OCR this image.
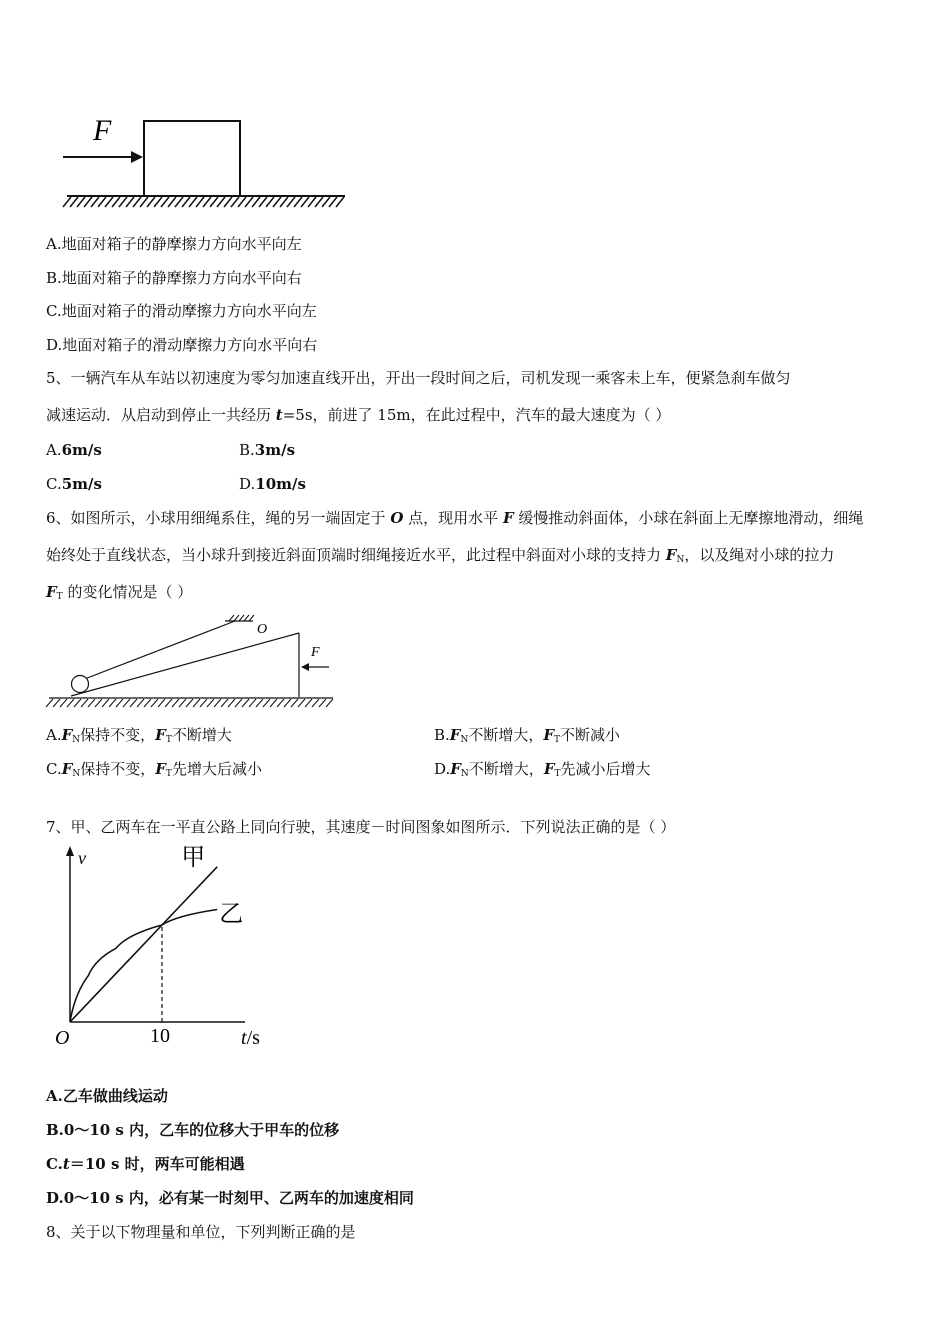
F
A.地面对箱子的静摩擦力方向水平向左
B.地面对箱子的静摩擦力方向水平向右
C.地面对箱子的滑动摩擦力方向水平向左
D.地面对箱子的滑动摩擦力方向水平向右
5、一辆汽车从车站以初速度为零匀加速直线开出，开出一段时间之后，司机发现一乘客未上车，便紧急刹车做匀
减速运动．从启动到停止一共经历 t=5s，前进了 15m，在此过程中，汽车的最大速度为（ ）
A.6m/s	B.3m/s
C.5m/s	D.10m/s
6、如图所示，小球用细绳系住，绳的另一端固定于 O 点，现用水平 F 缓慢推动斜面体，小球在斜面上无摩擦地滑动，细绳
始终处于直线状态，当小球升到接近斜面顶端时细绳接近水平，此过程中斜面对小球的支持力 $F_N$，以及绳对小球的拉力
$F_T$ 的变化情况是（ ）
O
F
$A.F_N$保持不变，$F_T$不断增大	$B.F_N$不断增大，$F_T$不断减小
$C.F_N$保持不变，$F_T$先增大后减小	$D.F_N$不断增大，$F_T$先减小后增大
7、甲、乙两车在一平直公路上同向行驶，其速度－时间图象如图所示．下列说法正确的是（ ）
v
O	t/s
10
甲
乙
A.乙车做曲线运动
B.0～10 s 内，乙车的位移大于甲车的位移
C.t＝10 s 时，两车可能相遇
D.0～10 s 内，必有某一时刻甲、乙两车的加速度相同
8、关于以下物理量和单位，下列判断正确的是
